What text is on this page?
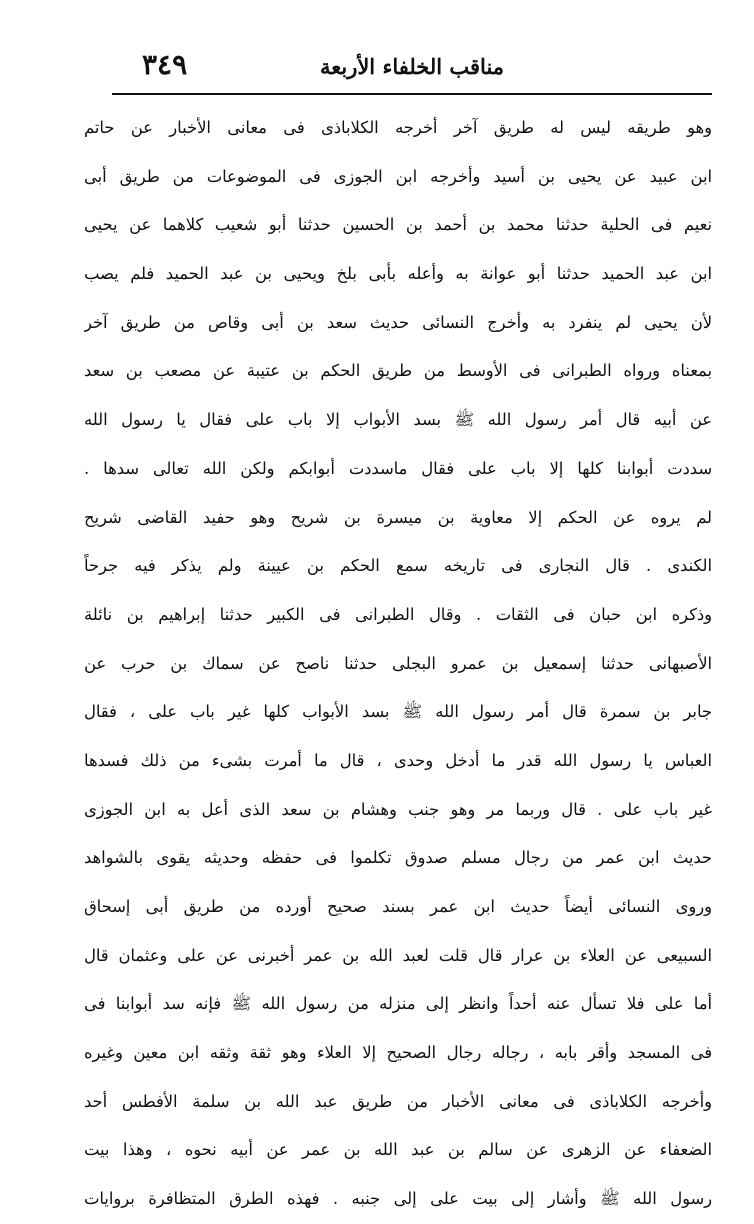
مناقب الخلفاء الأربعة
٣٤٩
وهو طريقه ليس له طريق آخر أخرجه الكلاباذى فى معانى الأخبار عن حاتم
ابن عبيد عن يحيى بن أسيد وأخرجه ابن الجوزى فى الموضوعات من طريق أبى
نعيم فى الحلية حدثنا محمد بن أحمد بن الحسين حدثنا أبو شعيب كلاهما عن يحيى
ابن عبد الحميد حدثنا أبو عوانة به وأعله بأبى بلخ ويحيى بن عبد الحميد فلم يصب
لأن يحيى لم ينفرد به وأخرج النسائى حديث سعد بن أبى وقاص من طريق آخر
بمعناه ورواه الطبرانى فى الأوسط من طريق الحكم بن عتيبة عن مصعب بن سعد
عن أبيه قال أمر رسول الله ﷺ بسد الأبواب إلا باب على فقال يا رسول الله
سددت أبوابنا كلها إلا باب على فقال ماسددت أبوابكم ولكن الله تعالى سدها .
لم يروه عن الحكم إلا معاوية بن ميسرة بن شريح وهو حفيد القاضى شريح
الكندى . قال النجارى فى تاريخه سمع الحكم بن عيينة ولم يذكر فيه جرحاً
وذكره ابن حبان فى الثقات . وقال الطبرانى فى الكبير حدثنا إبراهيم بن نائلة
الأصبهانى حدثنا إسمعيل بن عمرو البجلى حدثنا ناصح عن سماك بن حرب عن
جابر بن سمرة قال أمر رسول الله ﷺ بسد الأبواب كلها غير باب على ، فقال
العباس يا رسول الله قدر ما أدخل وحدى ، قال ما أمرت بشىء من ذلك فسدها
غير باب على . قال وربما مر وهو جنب وهشام بن سعد الذى أعل به ابن الجوزى
حديث ابن عمر من رجال مسلم صدوق تكلموا فى حفظه وحديثه يقوى بالشواهد
وروى النسائى أيضاً حديث ابن عمر بسند صحيح أورده من طريق أبى إسحاق
السبيعى عن العلاء بن عرار قال قلت لعبد الله بن عمر أخبرنى عن على وعثمان قال
أما على فلا تسأل عنه أحداً وانظر إلى منزله من رسول الله ﷺ فإنه سد أبوابنا فى
فى المسجد وأقر بابه ، رجاله رجال الصحيح إلا العلاء وهو ثقة وثقه ابن معين وغيره
وأخرجه الكلاباذى فى معانى الأخبار من طريق عبد الله بن سلمة الأفطس أحد
الضعفاء عن الزهرى عن سالم بن عبد الله بن عمر عن أبيه نحوه ، وهذا بيت
رسول الله ﷺ وأشار إلى بيت على إلى جنبه . فهذه الطرق المتظافرة بروايات
